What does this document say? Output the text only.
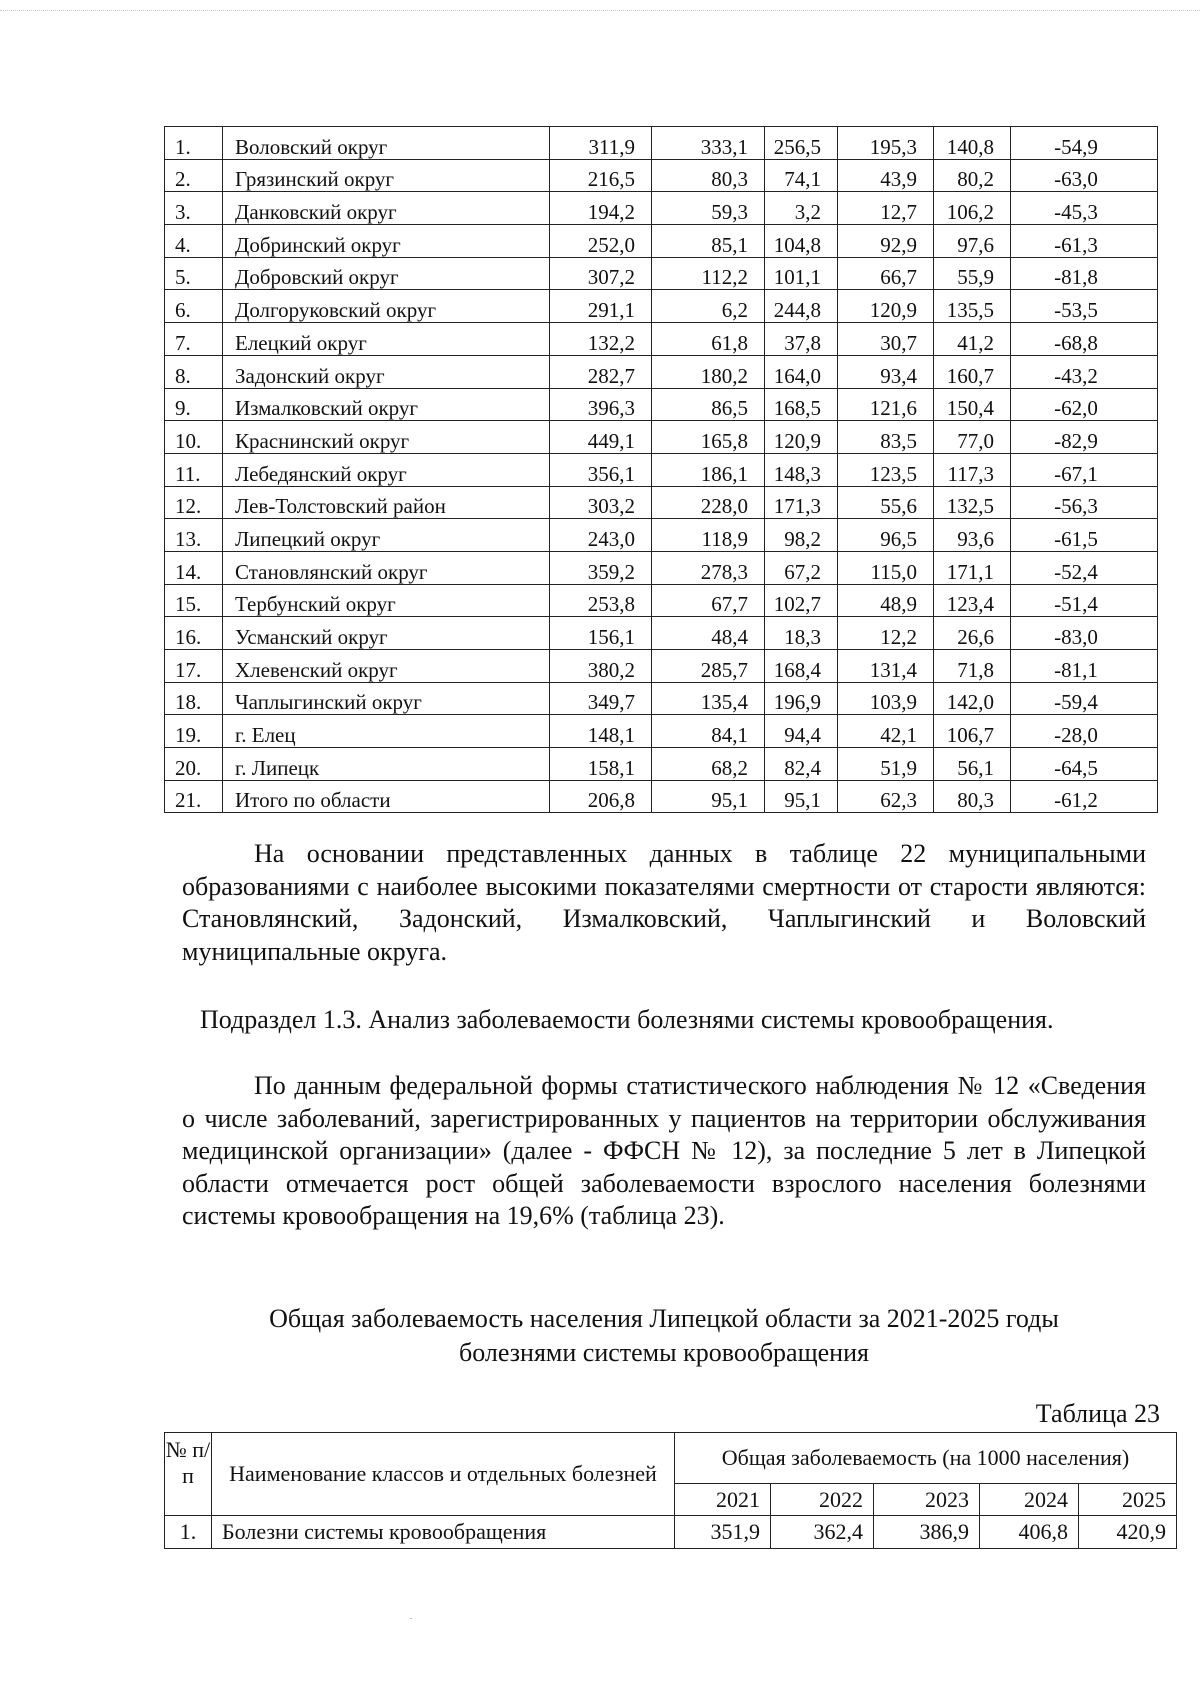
1.	Воловский округ	311,9	333,1	256,5	195,3	140,8	-54,9
2.	Грязинский округ	216,5	80,3	74,1	43,9	80,2	-63,0
3.	Данковский округ	194,2	59,3	3,2	12,7	106,2	-45,3
4.	Добринский округ	252,0	85,1	104,8	92,9	97,6	-61,3
5.	Добровский округ	307,2	112,2	101,1	66,7	55,9	-81,8
6.	Долгоруковский округ	291,1	6,2	244,8	120,9	135,5	-53,5
7.	Елецкий округ	132,2	61,8	37,8	30,7	41,2	-68,8
8.	Задонский округ	282,7	180,2	164,0	93,4	160,7	-43,2
9.	Измалковский округ	396,3	86,5	168,5	121,6	150,4	-62,0
10.	Краснинский округ	449,1	165,8	120,9	83,5	77,0	-82,9
11.	Лебедянский округ	356,1	186,1	148,3	123,5	117,3	-67,1
12.	Лев-Толстовский район	303,2	228,0	171,3	55,6	132,5	-56,3
13.	Липецкий округ	243,0	118,9	98,2	96,5	93,6	-61,5
14.	Становлянский округ	359,2	278,3	67,2	115,0	171,1	-52,4
15.	Тербунский округ	253,8	67,7	102,7	48,9	123,4	-51,4
16.	Усманский округ	156,1	48,4	18,3	12,2	26,6	-83,0
17.	Хлевенский округ	380,2	285,7	168,4	131,4	71,8	-81,1
18.	Чаплыгинский округ	349,7	135,4	196,9	103,9	142,0	-59,4
19.	г. Елец	148,1	84,1	94,4	42,1	106,7	-28,0
20.	г. Липецк	158,1	68,2	82,4	51,9	56,1	-64,5
21.	Итого по области	206,8	95,1	95,1	62,3	80,3	-61,2

На основании представленных данных в таблице 22 муниципальными образованиями с наиболее высокими показателями смертности от старости являются: Становлянский, Задонский, Измалковский, Чаплыгинский и Воловский муниципальные округа.

Подраздел 1.3. Анализ заболеваемости болезнями системы кровообращения.

По данным федеральной формы статистического наблюдения № 12 «Сведения о числе заболеваний, зарегистрированных у пациентов на территории обслуживания медицинской организации» (далее - ФФСН № 12), за последние 5 лет в Липецкой области отмечается рост общей заболеваемости взрослого населения болезнями системы кровообращения на 19,6% (таблица 23).

Общая заболеваемость населения Липецкой области за 2021-2025 годы

болезнями системы кровообращения

Таблица 23

№ п/п	Наименование классов и отдельных болезней	Общая заболеваемость (на 1000 населения)				
		2021	2022	2023	2024	2025
1.	Болезни системы кровообращения	351,9	362,4	386,9	406,8	420,9
